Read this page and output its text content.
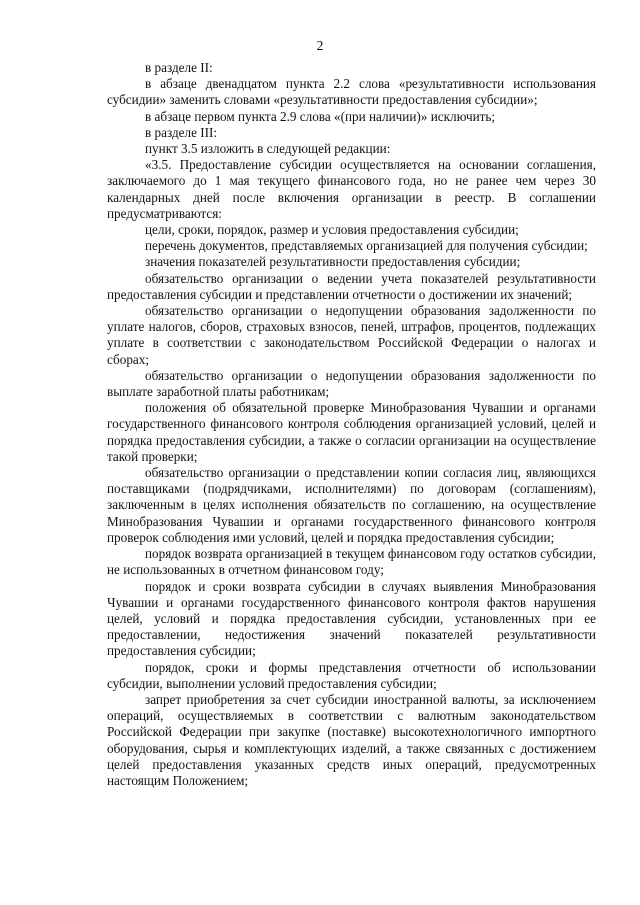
2

в разделе II:

в абзаце двенадцатом пункта 2.2 слова «результативности использования субсидии» заменить словами «результативности предоставления субсидии»;

в абзаце первом пункта 2.9 слова «(при наличии)» исключить;

в разделе III:

пункт 3.5 изложить в следующей редакции:

«3.5. Предоставление субсидии осуществляется на основании соглашения, заключаемого до 1 мая текущего финансового года, но не ранее чем через 30 календарных дней после включения организации в реестр. В соглашении предусматриваются:

цели, сроки, порядок, размер и условия предоставления субсидии;

перечень документов, представляемых организацией для получения субсидии;

значения показателей результативности предоставления субсидии;

обязательство организации о ведении учета показателей результативности предоставления субсидии и представлении отчетности о достижении их значений;

обязательство организации о недопущении образования задолженности по уплате налогов, сборов, страховых взносов, пеней, штрафов, процентов, подлежащих уплате в соответствии с законодательством Российской Федерации о налогах и сборах;

обязательство организации о недопущении образования задолженности по выплате заработной платы работникам;

положения об обязательной проверке Минобразования Чувашии и органами государственного финансового контроля соблюдения организацией условий, целей и порядка предоставления субсидии, а также о согласии организации на осуществление такой проверки;

обязательство организации о представлении копии согласия лиц, являющихся поставщиками (подрядчиками, исполнителями) по договорам (соглашениям), заключенным в целях исполнения обязательств по соглашению, на осуществление Минобразования Чувашии и органами государственного финансового контроля проверок соблюдения ими условий, целей и порядка предоставления субсидии;

порядок возврата организацией в текущем финансовом году остатков субсидии, не использованных в отчетном финансовом году;

порядок и сроки возврата субсидии в случаях выявления Минобразования Чувашии и органами государственного финансового контроля фактов нарушения целей, условий и порядка предоставления субсидии, установленных при ее предоставлении, недостижения значений показателей результативности предоставления субсидии;

порядок, сроки и формы представления отчетности об использовании субсидии, выполнении условий предоставления субсидии;

запрет приобретения за счет субсидии иностранной валюты, за исключением операций, осуществляемых в соответствии с валютным законодательством Российской Федерации при закупке (поставке) высокотехнологичного импортного оборудования, сырья и комплектующих изделий, а также связанных с достижением целей предоставления указанных средств иных операций, предусмотренных настоящим Положением;
